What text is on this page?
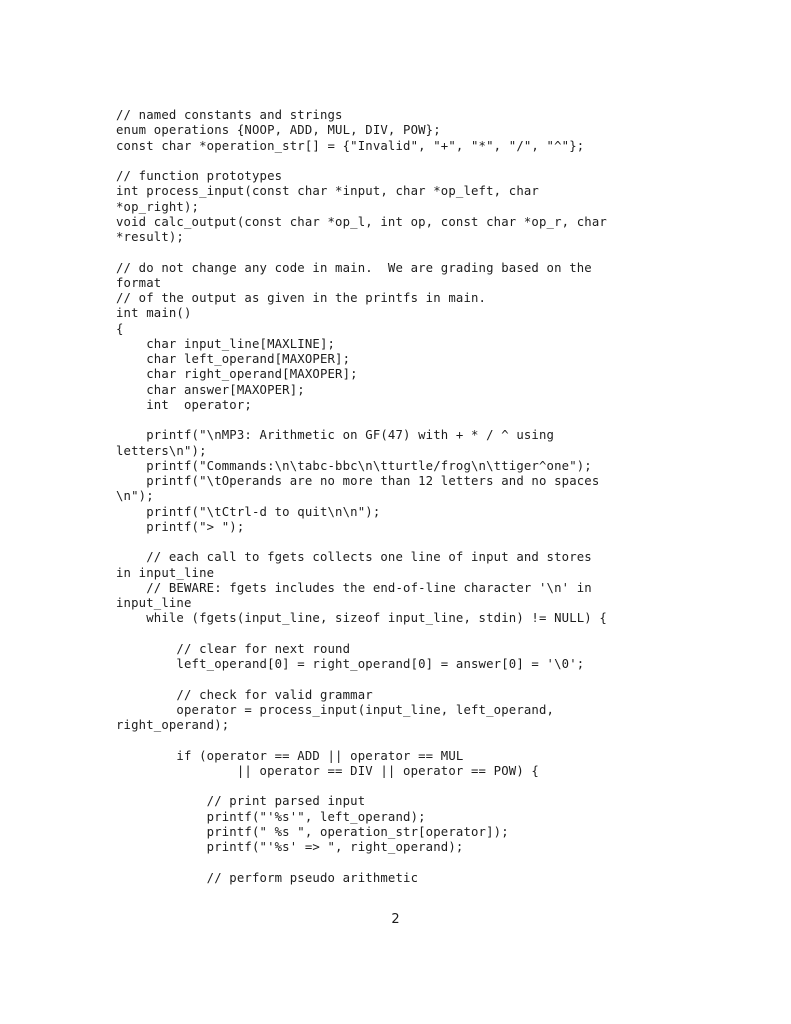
// named constants and strings
enum operations {NOOP, ADD, MUL, DIV, POW};
const char *operation_str[] = {"Invalid", "+", "*", "/", "^"};
// function prototypes
int process_input(const char *input, char *op_left, char
*op_right);
void calc_output(const char *op_l, int op, const char *op_r, char
*result);
// do not change any code in main.  We are grading based on the
format
// of the output as given in the printfs in main.
int main()
{
char input_line[MAXLINE];
char left_operand[MAXOPER];
char right_operand[MAXOPER];
char answer[MAXOPER];
int  operator;
printf("\nMP3: Arithmetic on GF(47) with + * / ^ using
letters\n");
printf("Commands:\n\tabc-bbc\n\tturtle/frog\n\ttiger^one");
printf("\tOperands are no more than 12 letters and no spaces
\n");
printf("\tCtrl-d to quit\n\n");
printf("> ");
// each call to fgets collects one line of input and stores
in input_line
// BEWARE: fgets includes the end-of-line character '\n' in
input_line
while (fgets(input_line, sizeof input_line, stdin) != NULL) {
// clear for next round
left_operand[0] = right_operand[0] = answer[0] = '\0';
// check for valid grammar
operator = process_input(input_line, left_operand,
right_operand);
if (operator == ADD || operator == MUL
|| operator == DIV || operator == POW) {
// print parsed input
printf("'%s'", left_operand);
printf(" %s ", operation_str[operator]);
printf("'%s' => ", right_operand);
// perform pseudo arithmetic
2
